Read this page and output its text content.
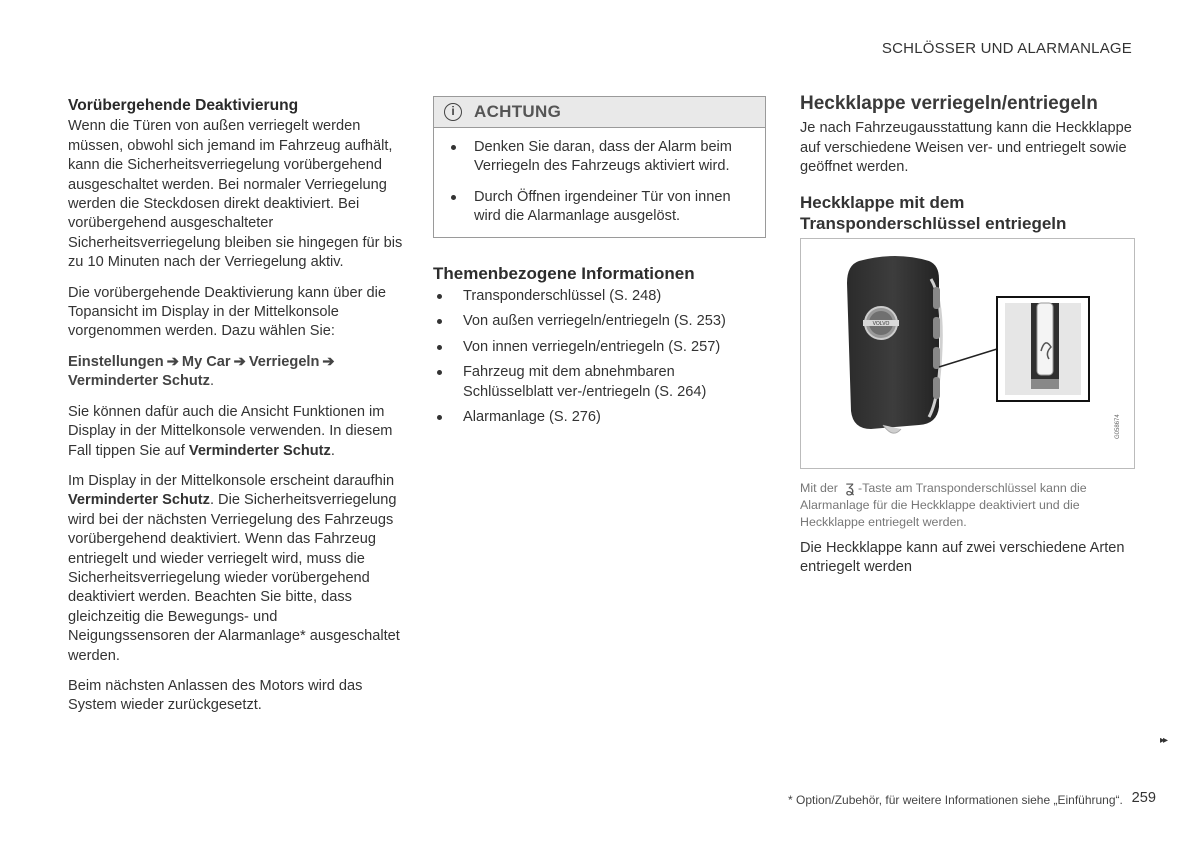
SCHLÖSSER UND ALARMANLAGE
Vorübergehende Deaktivierung

Wenn die Türen von außen verriegelt werden müssen, obwohl sich jemand im Fahrzeug aufhält, kann die Sicherheitsverriegelung vorübergehend ausgeschaltet werden. Bei normaler Verriegelung werden die Steckdosen direkt deaktiviert. Bei vorübergehend ausgeschalteter Sicherheitsverriegelung bleiben sie hingegen für bis zu 10 Minuten nach der Verriegelung aktiv.

Die vorübergehende Deaktivierung kann über die Topansicht im Display in der Mittelkonsole vorgenommen werden. Dazu wählen Sie:

Einstellungen ➔ My Car ➔ Verriegeln ➔Verminderter Schutz.

Sie können dafür auch die Ansicht Funktionen im Display in der Mittelkonsole verwenden. In diesem Fall tippen Sie auf Verminderter Schutz.

Im Display in der Mittelkonsole erscheint daraufhin Verminderter Schutz. Die Sicherheitsverriegelung wird bei der nächsten Verriegelung des Fahrzeugs vorübergehend deaktiviert. Wenn das Fahrzeug entriegelt und wieder verriegelt wird, muss die Sicherheitsverriegelung wieder vorübergehend deaktiviert werden. Beachten Sie bitte, dass gleichzeitig die Bewegungs- und Neigungssensoren der Alarmanlage* ausgeschaltet werden.

Beim nächsten Anlassen des Motors wird das System wieder zurückgesetzt.

i	ACHTUNG
Denken Sie daran, dass der Alarm beim Verriegeln des Fahrzeugs aktiviert wird.
Durch Öffnen irgendeiner Tür von innen wird die Alarmanlage ausgelöst.
Themenbezogene Informationen
Transponderschlüssel (S. 248)
Von außen verriegeln/entriegeln (S. 253)
Von innen verriegeln/entriegeln (S. 257)
Fahrzeug mit dem abnehmbaren Schlüsselblatt ver-/entriegeln (S. 264)
Alarmanlage (S. 276)
Heckklappe verriegeln/entriegeln

Je nach Fahrzeugausstattung kann die Heckklappe auf verschiedene Weisen ver- und entriegelt sowie geöffnet werden.

Heckklappe mit dem Transponderschlüssel entriegeln
VOLVO
G058674
Mit der ʓ -Taste am Transponderschlüssel kann die Alarmanlage für die Heckklappe deaktiviert und die Heckklappe entriegelt werden.

Die Heckklappe kann auf zwei verschiedene Arten entriegelt werden

▸▸
* Option/Zubehör, für weitere Informationen siehe „Einführung“. 259
